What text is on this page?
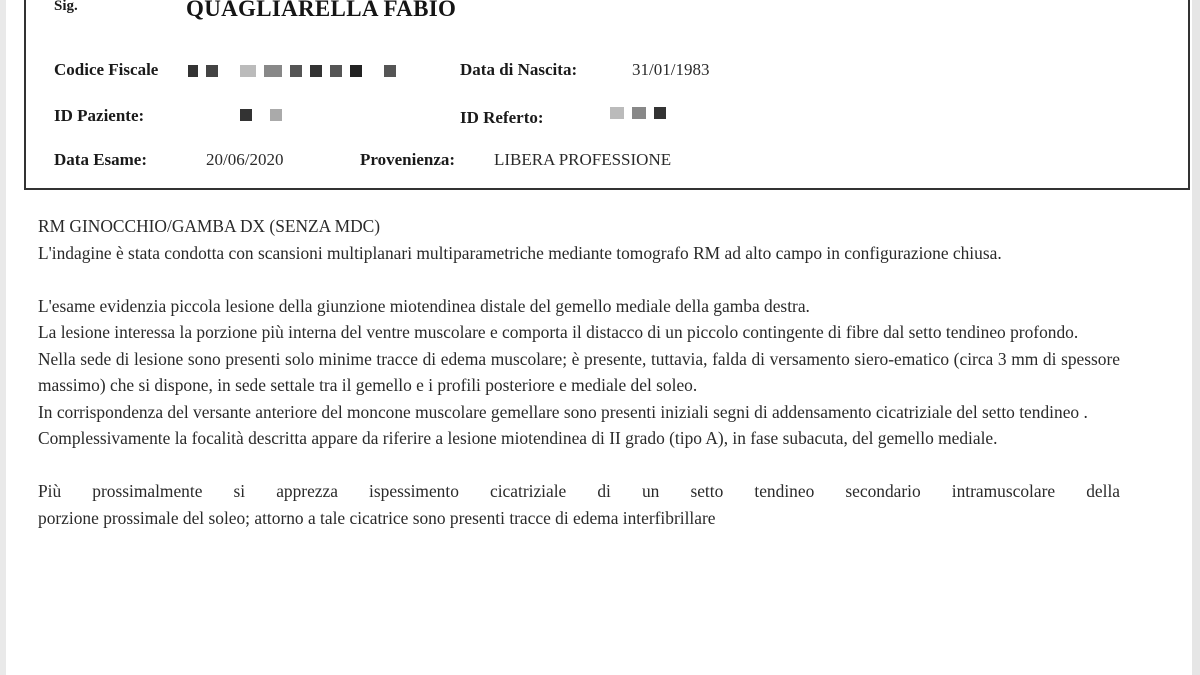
Sig.	QUAGLIARELLA FABIO
Codice Fiscale	Data di Nascita:	31/01/1983
ID Paziente:	ID Referto:
Data Esame:	20/06/2020	Provenienza: LIBERA PROFESSIONE

RM GINOCCHIO/GAMBA DX (SENZA MDC)

L'indagine è stata condotta con scansioni multiplanari multiparametriche mediante tomografo RM ad alto campo in configurazione chiusa.

L'esame evidenzia piccola lesione della giunzione miotendinea distale del gemello mediale della gamba destra.

La lesione interessa la porzione più interna del ventre muscolare e comporta il distacco di un piccolo contingente di fibre dal setto tendineo profondo.

Nella sede di lesione sono presenti solo minime tracce di edema muscolare; è presente, tuttavia, falda di versamento siero-ematico (circa 3 mm di spessore massimo) che si dispone, in sede settale tra il gemello e i profili posteriore e mediale del soleo.

In corrispondenza del versante anteriore del moncone muscolare gemellare sono presenti iniziali segni di addensamento cicatriziale del setto tendineo .

Complessivamente la focalità descritta appare da riferire a lesione miotendinea di II grado (tipo A), in fase subacuta, del gemello mediale.

Più prossimalmente si apprezza ispessimento cicatriziale di un setto tendineo secondario intramuscolare della

porzione prossimale del soleo; attorno a tale cicatrice sono presenti tracce di edema interfibrillare
